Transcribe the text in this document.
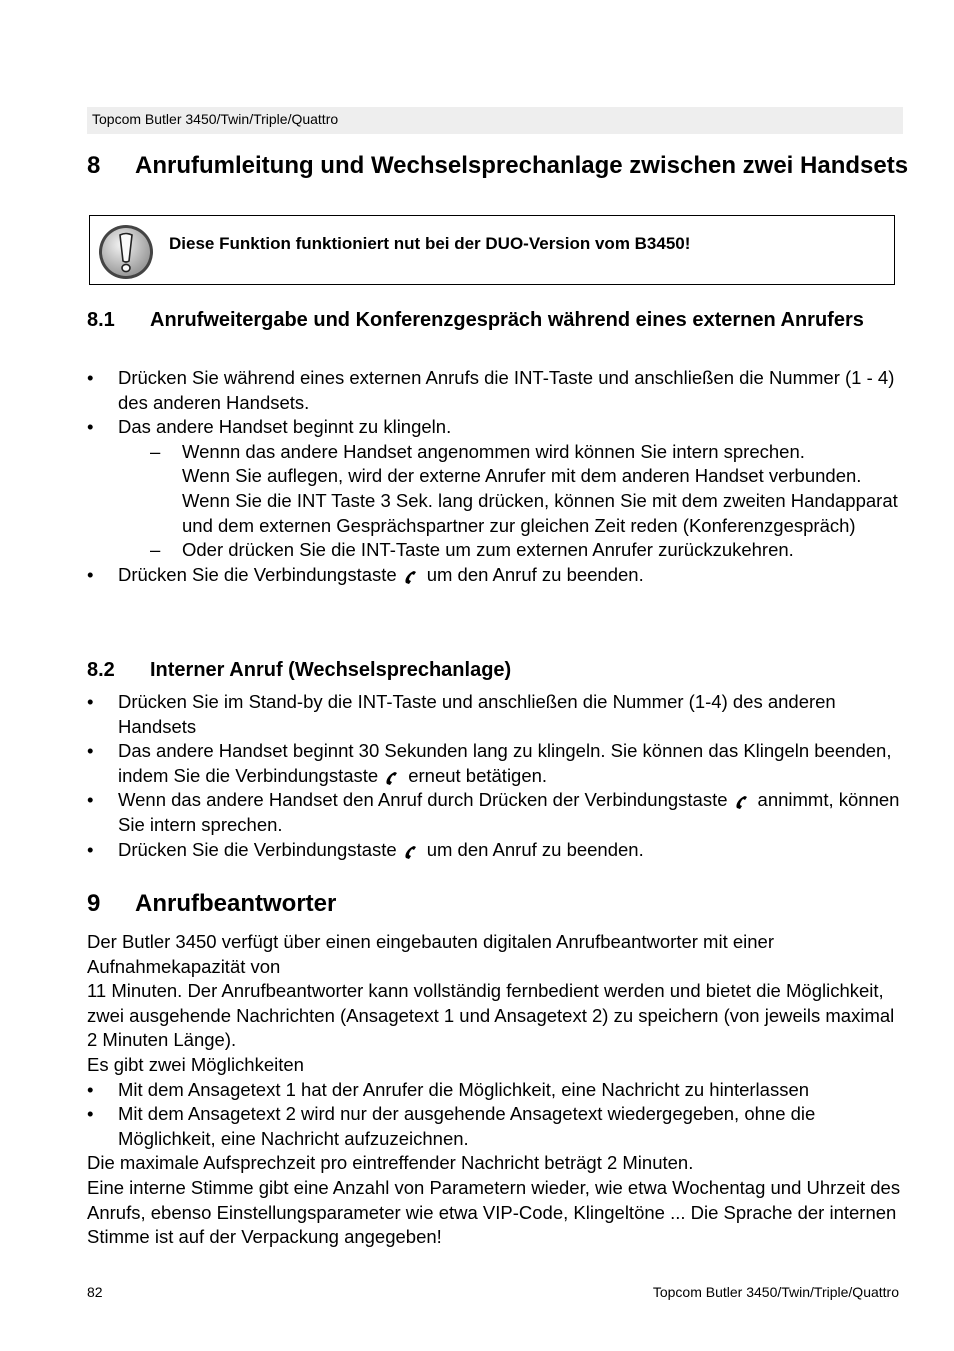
Topcom Butler 3450/Twin/Triple/Quattro
8 Anrufumleitung und Wechselsprechanlage zwischen zwei Handsets
Diese Funktion funktioniert nut bei der DUO-Version vom B3450!
8.1 Anrufweitergabe und Konferenzgespräch während eines externen Anrufers
• Drücken Sie während eines externen Anrufs die INT-Taste und anschließen die Nummer (1 - 4) des anderen Handsets.
• Das andere Handset beginnt zu klingeln.
– Wennn das andere Handset angenommen wird können Sie intern sprechen.
Wenn Sie auflegen, wird der externe Anrufer mit dem anderen Handset verbunden.
Wenn Sie die INT Taste 3 Sek. lang drücken, können Sie mit dem zweiten Handapparat und dem externen Gesprächspartner zur gleichen Zeit reden (Konferenzgespräch)
– Oder drücken Sie die INT-Taste um zum externen Anrufer zurückzukehren.
• Drücken Sie die Verbindungstaste um den Anruf zu beenden.
8.2 Interner Anruf (Wechselsprechanlage)
• Drücken Sie im Stand-by die INT-Taste und anschließen die Nummer (1-4) des anderen Handsets
• Das andere Handset beginnt 30 Sekunden lang zu klingeln. Sie können das Klingeln beenden, indem Sie die Verbindungstaste erneut betätigen.
• Wenn das andere Handset den Anruf durch Drücken der Verbindungstaste annimmt, können Sie intern sprechen.
• Drücken Sie die Verbindungstaste um den Anruf zu beenden.
9 Anrufbeantworter
Der Butler 3450 verfügt über einen eingebauten digitalen Anrufbeantworter mit einer Aufnahmekapazität von
11 Minuten. Der Anrufbeantworter kann vollständig fernbedient werden und bietet die Möglichkeit, zwei ausgehende Nachrichten (Ansagetext 1 und Ansagetext 2) zu speichern (von jeweils maximal 2 Minuten Länge).
Es gibt zwei Möglichkeiten
• Mit dem Ansagetext 1 hat der Anrufer die Möglichkeit, eine Nachricht zu hinterlassen
• Mit dem Ansagetext 2 wird nur der ausgehende Ansagetext wiedergegeben, ohne die Möglichkeit, eine Nachricht aufzuzeichnen.
Die maximale Aufsprechzeit pro eintreffender Nachricht beträgt 2 Minuten.
Eine interne Stimme gibt eine Anzahl von Parametern wieder, wie etwa Wochentag und Uhrzeit des Anrufs, ebenso Einstellungsparameter wie etwa VIP-Code, Klingeltöne ... Die Sprache der internen Stimme ist auf der Verpackung angegeben!
82	Topcom Butler 3450/Twin/Triple/Quattro
